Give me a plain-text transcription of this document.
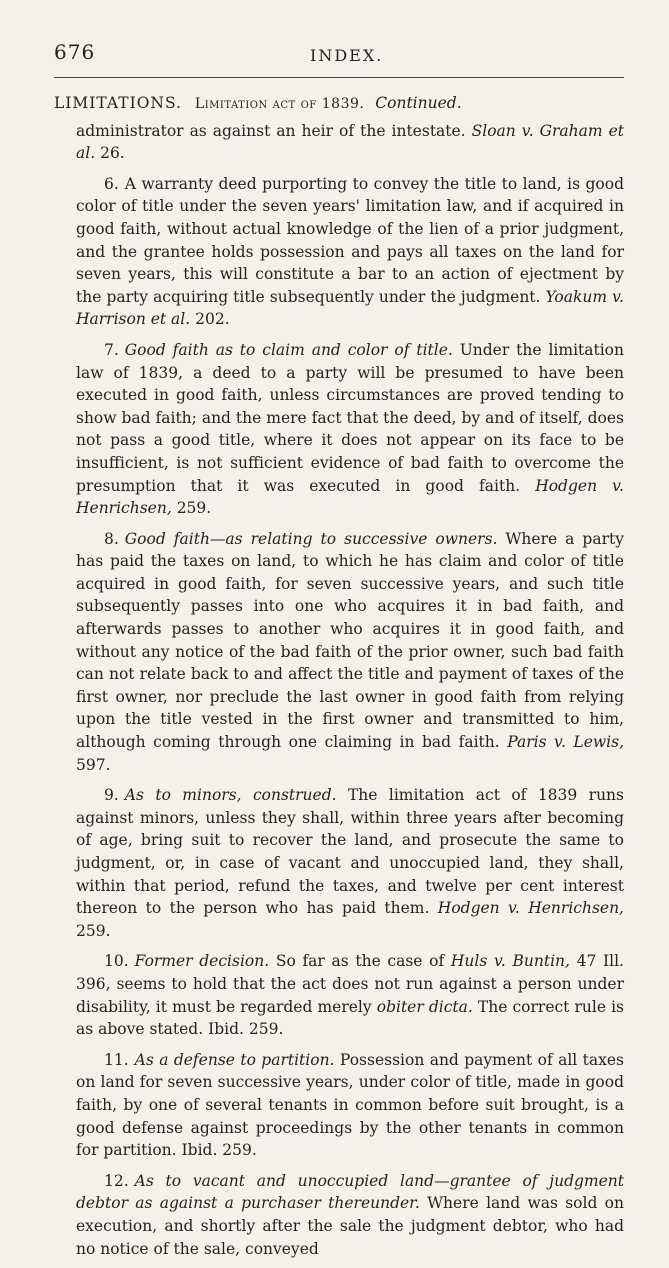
676	INDEX.
LIMITATIONS. Limitation act of 1839. Continued.

administrator as against an heir of the intestate. Sloan v. Graham et al. 26.

6. A warranty deed purporting to convey the title to land, is good color of title under the seven years' limitation law, and if acquired in good faith, without actual knowledge of the lien of a prior judgment, and the grantee holds possession and pays all taxes on the land for seven years, this will constitute a bar to an action of ejectment by the party acquiring title subsequently under the judgment. Yoakum v. Harrison et al. 202.

7. Good faith as to claim and color of title. Under the limitation law of 1839, a deed to a party will be presumed to have been executed in good faith, unless circumstances are proved tending to show bad faith; and the mere fact that the deed, by and of itself, does not pass a good title, where it does not appear on its face to be insufficient, is not sufficient evidence of bad faith to overcome the presumption that it was executed in good faith. Hodgen v. Henrichsen, 259.

8. Good faith—as relating to successive owners. Where a party has paid the taxes on land, to which he has claim and color of title acquired in good faith, for seven successive years, and such title subsequently passes into one who acquires it in bad faith, and afterwards passes to another who acquires it in good faith, and without any notice of the bad faith of the prior owner, such bad faith can not relate back to and affect the title and payment of taxes of the first owner, nor preclude the last owner in good faith from relying upon the title vested in the first owner and transmitted to him, although coming through one claiming in bad faith. Paris v. Lewis, 597.

9. As to minors, construed. The limitation act of 1839 runs against minors, unless they shall, within three years after becoming of age, bring suit to recover the land, and prosecute the same to judgment, or, in case of vacant and unoccupied land, they shall, within that period, refund the taxes, and twelve per cent interest thereon to the person who has paid them. Hodgen v. Henrichsen, 259.

10. Former decision. So far as the case of Huls v. Buntin, 47 Ill. 396, seems to hold that the act does not run against a person under disability, it must be regarded merely obiter dicta. The correct rule is as above stated. Ibid. 259.

11. As a defense to partition. Possession and payment of all taxes on land for seven successive years, under color of title, made in good faith, by one of several tenants in common before suit brought, is a good defense against proceedings by the other tenants in common for partition. Ibid. 259.

12. As to vacant and unoccupied land—grantee of judgment debtor as against a purchaser thereunder. Where land was sold on execution, and shortly after the sale the judgment debtor, who had no notice of the sale, conveyed
